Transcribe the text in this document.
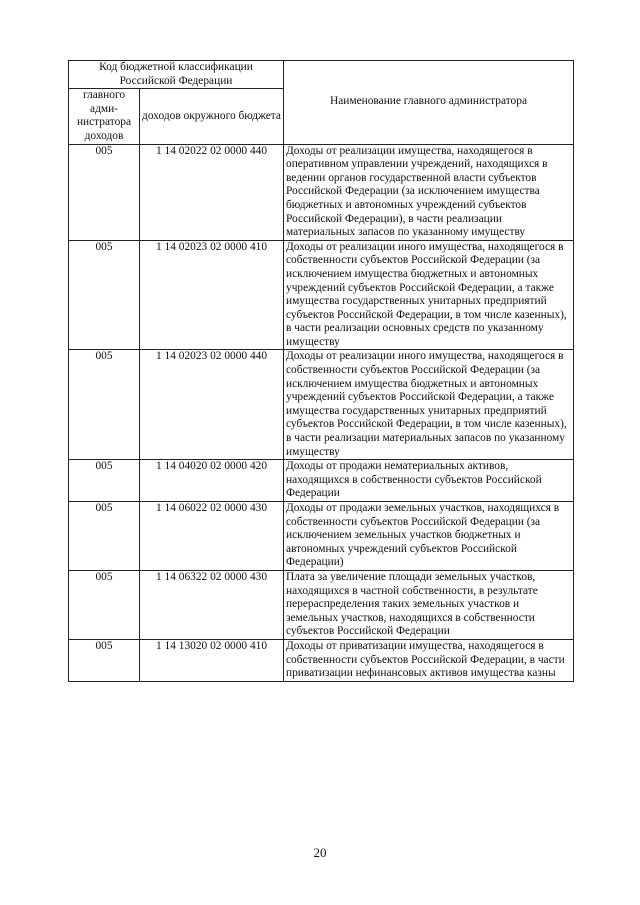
Код бюджетной классификации Российской Федерации		Наименование главного администратора
главного адми-нистратора доходов	доходов окружного бюджета	
005	1 14 02022 02 0000 440	Доходы от реализации имущества, находящегося в оперативном управлении учреждений, находящихся в ведении органов государственной власти субъектов Российской Федерации (за исключением имущества бюджетных и автономных учреждений субъектов Российской Федерации), в части реализации материальных запасов по указанному имуществу
005	1 14 02023 02 0000 410	Доходы от реализации иного имущества, находящегося в собственности субъектов Российской Федерации (за исключением имущества бюджетных и автономных учреждений субъектов Российской Федерации, а также имущества государственных унитарных предприятий субъектов Российской Федерации, в том числе казенных), в части реализации основных средств по указанному имуществу
005	1 14 02023 02 0000 440	Доходы от реализации иного имущества, находящегося в собственности субъектов Российской Федерации (за исключением имущества бюджетных и автономных учреждений субъектов Российской Федерации, а также имущества государственных унитарных предприятий субъектов Российской Федерации, в том числе казенных), в части реализации материальных запасов по указанному имуществу
005	1 14 04020 02 0000 420	Доходы от продажи нематериальных активов, находящихся в собственности субъектов Российской Федерации
005	1 14 06022 02 0000 430	Доходы от продажи земельных участков, находящихся в собственности субъектов Российской Федерации (за исключением земельных участков бюджетных и автономных учреждений субъектов Российской Федерации)
005	1 14 06322 02 0000 430	Плата за увеличение площади земельных участков, находящихся в частной собственности, в результате перераспределения таких земельных участков и земельных участков, находящихся в собственности субъектов Российской Федерации
005	1 14 13020 02 0000 410	Доходы от приватизации имущества, находящегося в собственности субъектов Российской Федерации, в части приватизации нефинансовых активов имущества казны
20
